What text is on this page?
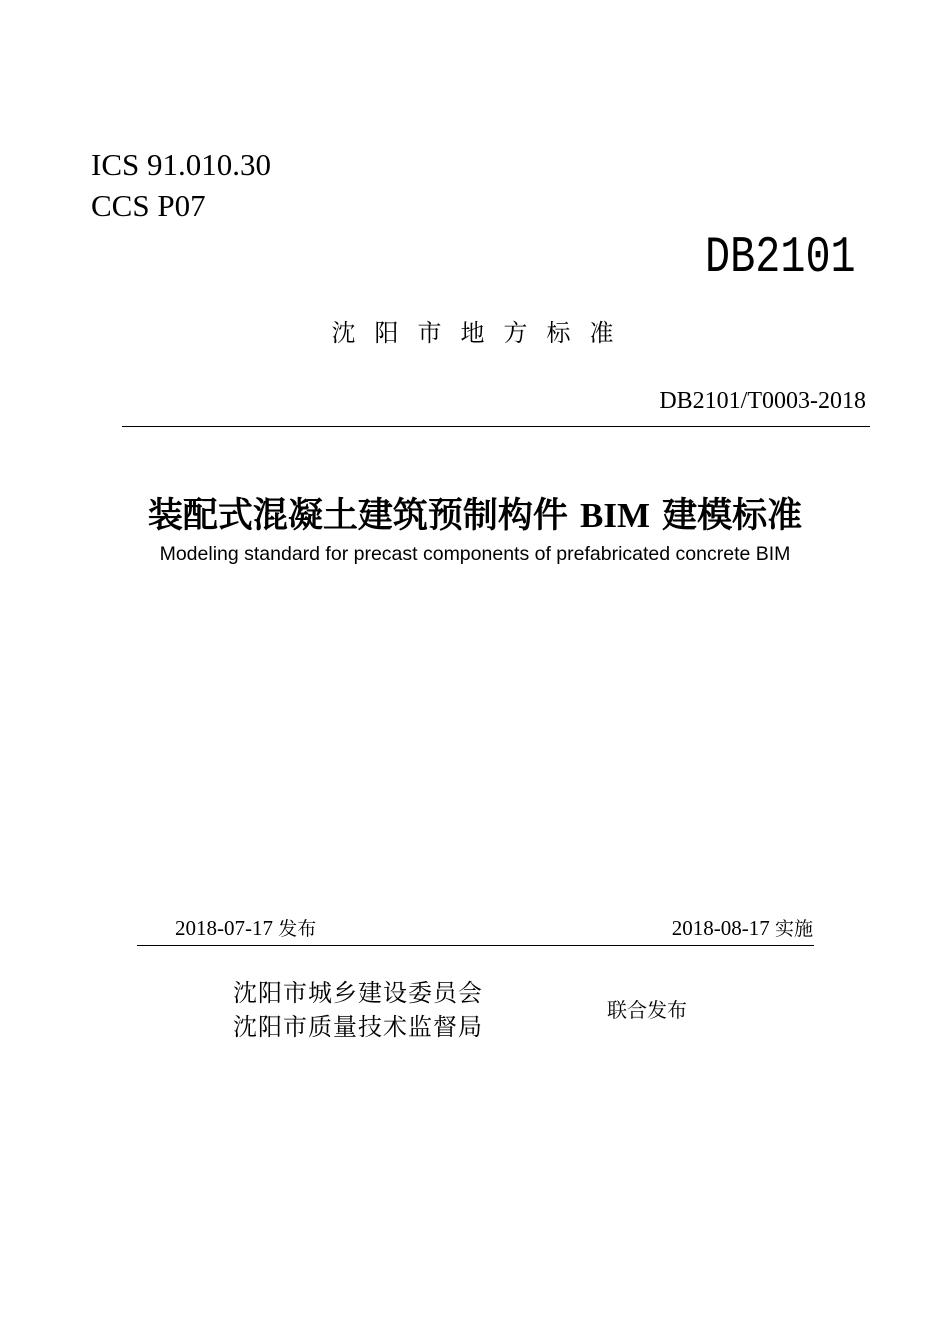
ICS 91.010.30
CCS P07
DB2101
沈阳市地方标准
DB2101/T0003-2018
装配式混凝土建筑预制构件 BIM 建模标准
Modeling standard for precast components of prefabricated concrete BIM
2018-07-17 发布	2018-08-17 实施
沈阳市城乡建设委员会
沈阳市质量技术监督局
联合发布
